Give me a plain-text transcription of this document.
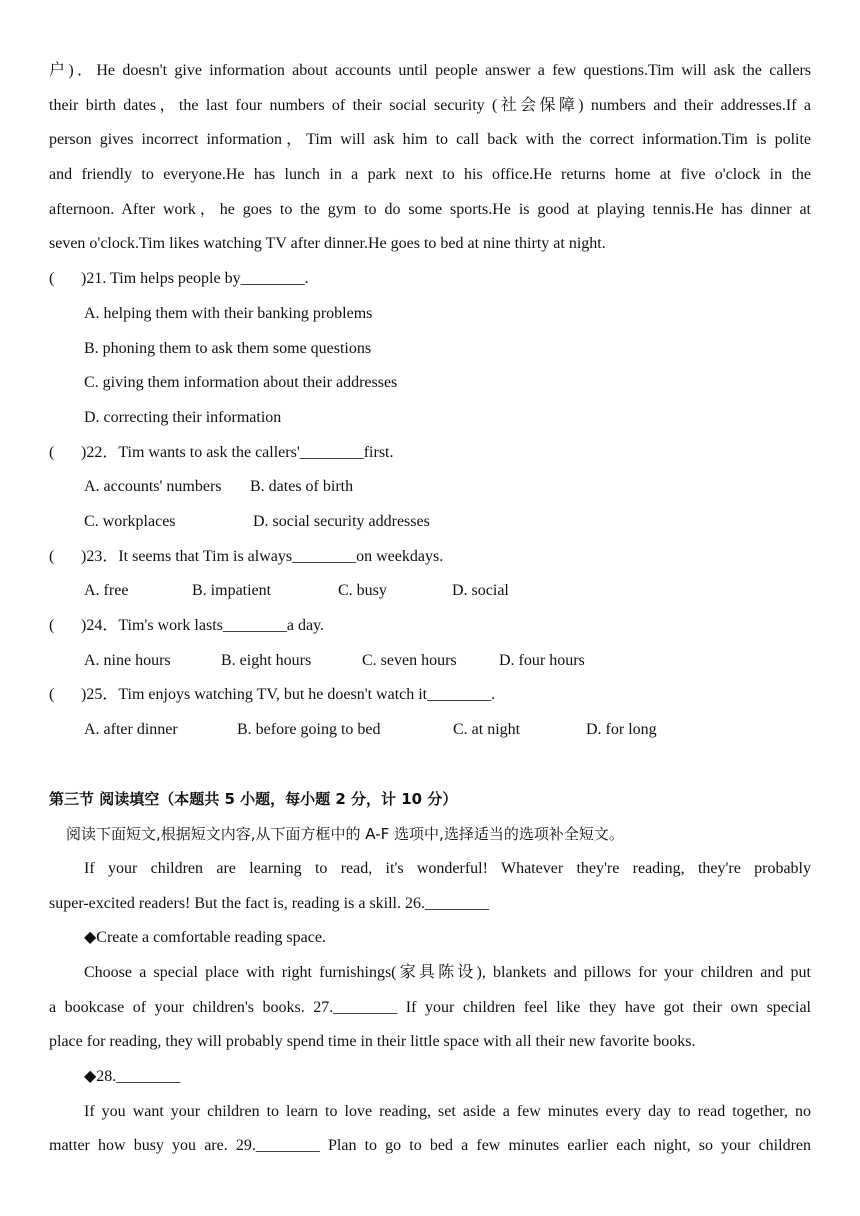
户)．He doesn't give information about accounts until people answer a few questions.Tim will ask the callers
their birth dates，the last four numbers of their social security (社会保障) numbers and their addresses.If a
person gives incorrect information，Tim will ask him to call back with the correct information.Tim is polite
and friendly to everyone.He has lunch in a park next to his office.He returns home at five o'clock in the
afternoon. After work，he goes to the gym to do some sports.He is good at playing tennis.He has dinner at
seven o'clock.Tim likes watching TV after dinner.He goes to bed at nine thirty at night.
(	)21. Tim helps people by________.
A. helping them with their banking problems
B. phoning them to ask them some questions
C. giving them information about their addresses
D. correcting their information
(	)22．Tim wants to ask the callers'________first.
A. accounts' numbers	B. dates of birth
C. workplaces	D. social security addresses
(	)23．It seems that Tim is always________on weekdays.
A. free	B. impatient	C. busy	D. social
(	)24．Tim's work lasts________a day.
A. nine hours	B. eight hours	C. seven hours	D. four hours
(	)25．Tim enjoys watching TV, but he doesn't watch it________.
A. after dinner	B. before going to bed	C. at night	D. for long
第三节 阅读填空（本题共 5 小题，每小题 2 分，计 10 分）
阅读下面短文,根据短文内容,从下面方框中的 A-F 选项中,选择适当的选项补全短文。
If your children are learning to read, it's wonderful! Whatever they're reading, they're probably
super-excited readers! But the fact is, reading is a skill. 26.________
◆Create a comfortable reading space.
Choose a special place with right furnishings(家具陈设), blankets and pillows for your children and put
a bookcase of your children's books. 27.________ If your children feel like they have got their own special
place for reading, they will probably spend time in their little space with all their new favorite books.
◆28.________
If you want your children to learn to love reading, set aside a few minutes every day to read together, no
matter how busy you are. 29.________ Plan to go to bed a few minutes earlier each night, so your children
